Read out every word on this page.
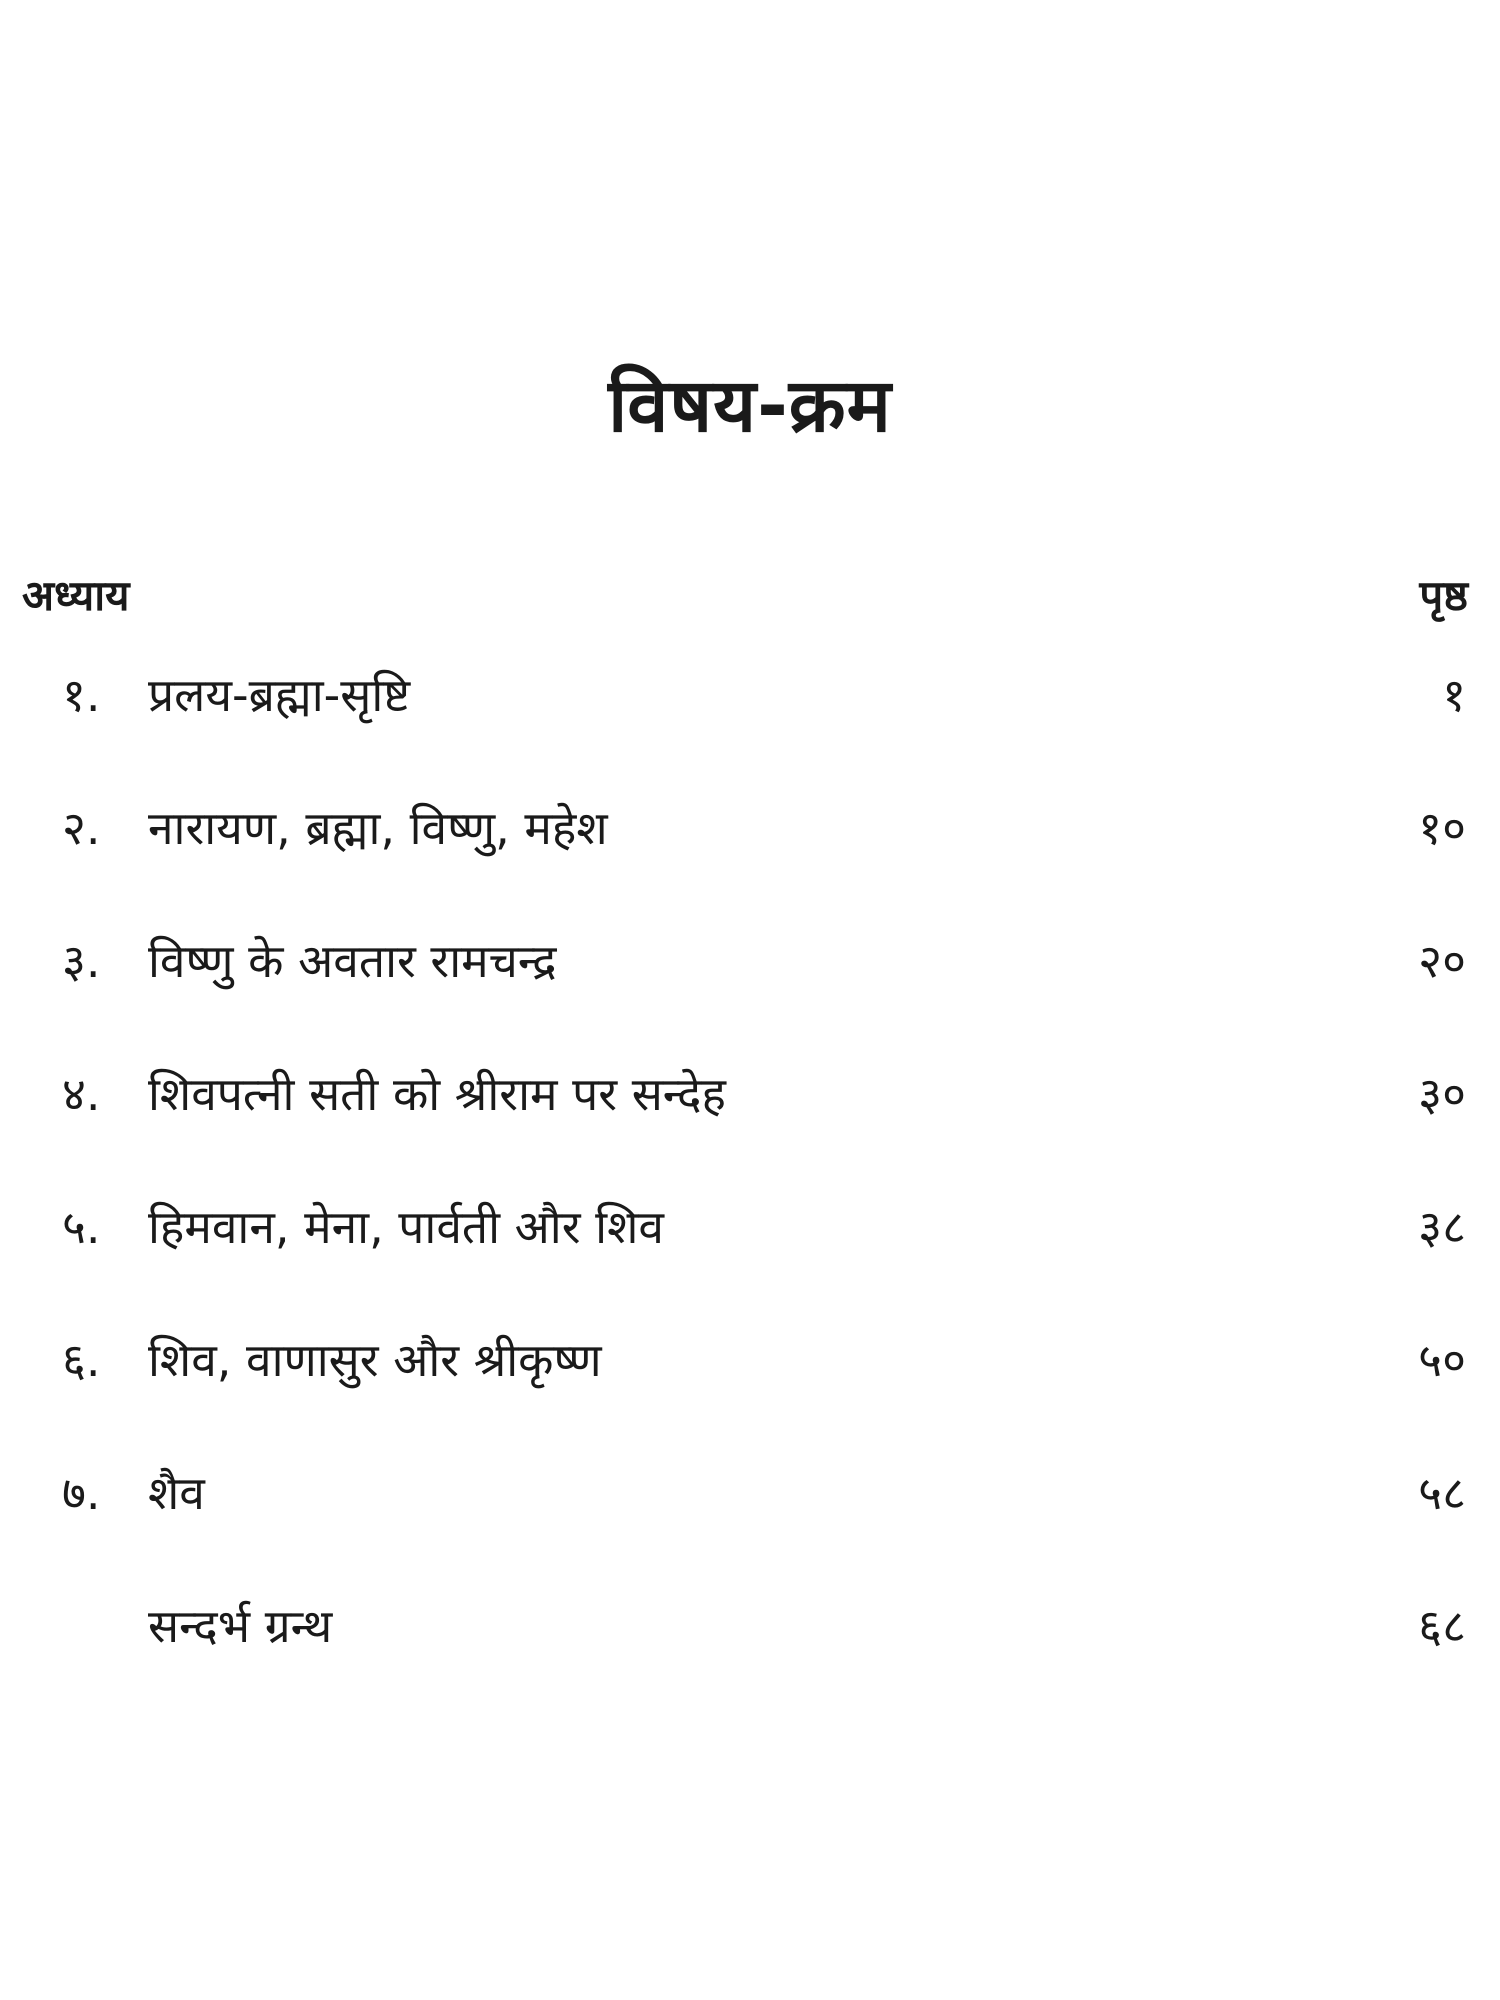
विषय-क्रम
अध्याय	पृष्ठ
१.	प्रलय-ब्रह्मा-सृष्टि	१
२.	नारायण, ब्रह्मा, विष्णु, महेश	१०
३.	विष्णु के अवतार रामचन्द्र	२०
४.	शिवपत्नी सती को श्रीराम पर सन्देह	३०
५.	हिमवान, मेना, पार्वती और शिव	३८
६.	शिव, वाणासुर और श्रीकृष्ण	५०
७.	शैव	५८
सन्दर्भ ग्रन्थ	६८
